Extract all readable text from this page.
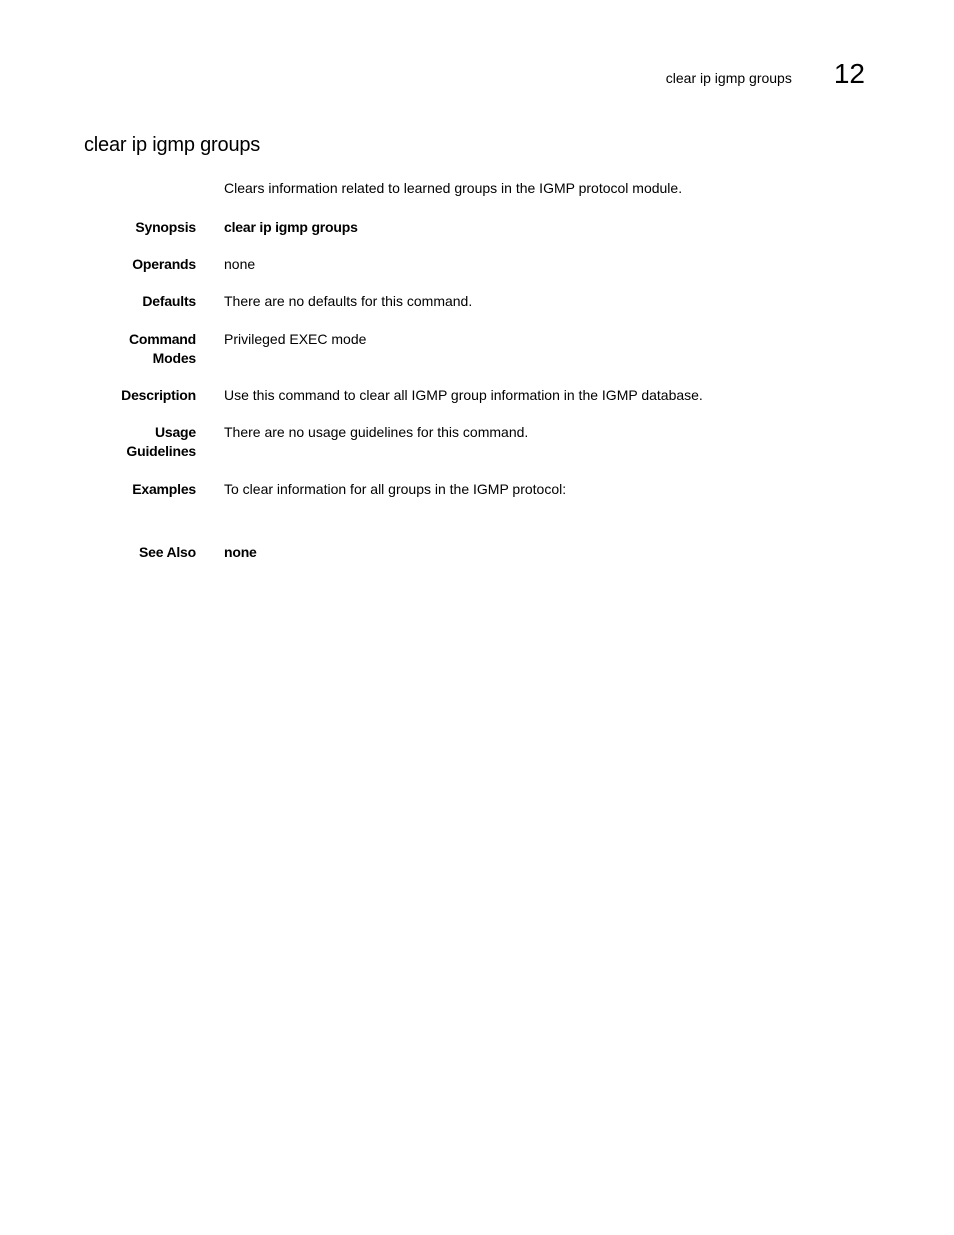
clear ip igmp groups 12
clear ip igmp groups
Clears information related to learned groups in the IGMP protocol module.
Synopsis clear ip igmp groups
Operands none
Defaults There are no defaults for this command.
Command
Modes
Privileged EXEC mode
Description Use this command to clear all IGMP group information in the IGMP database.
Usage
Guidelines
There are no usage guidelines for this command.
Examples To clear information for all groups in the IGMP protocol:
See Also none
